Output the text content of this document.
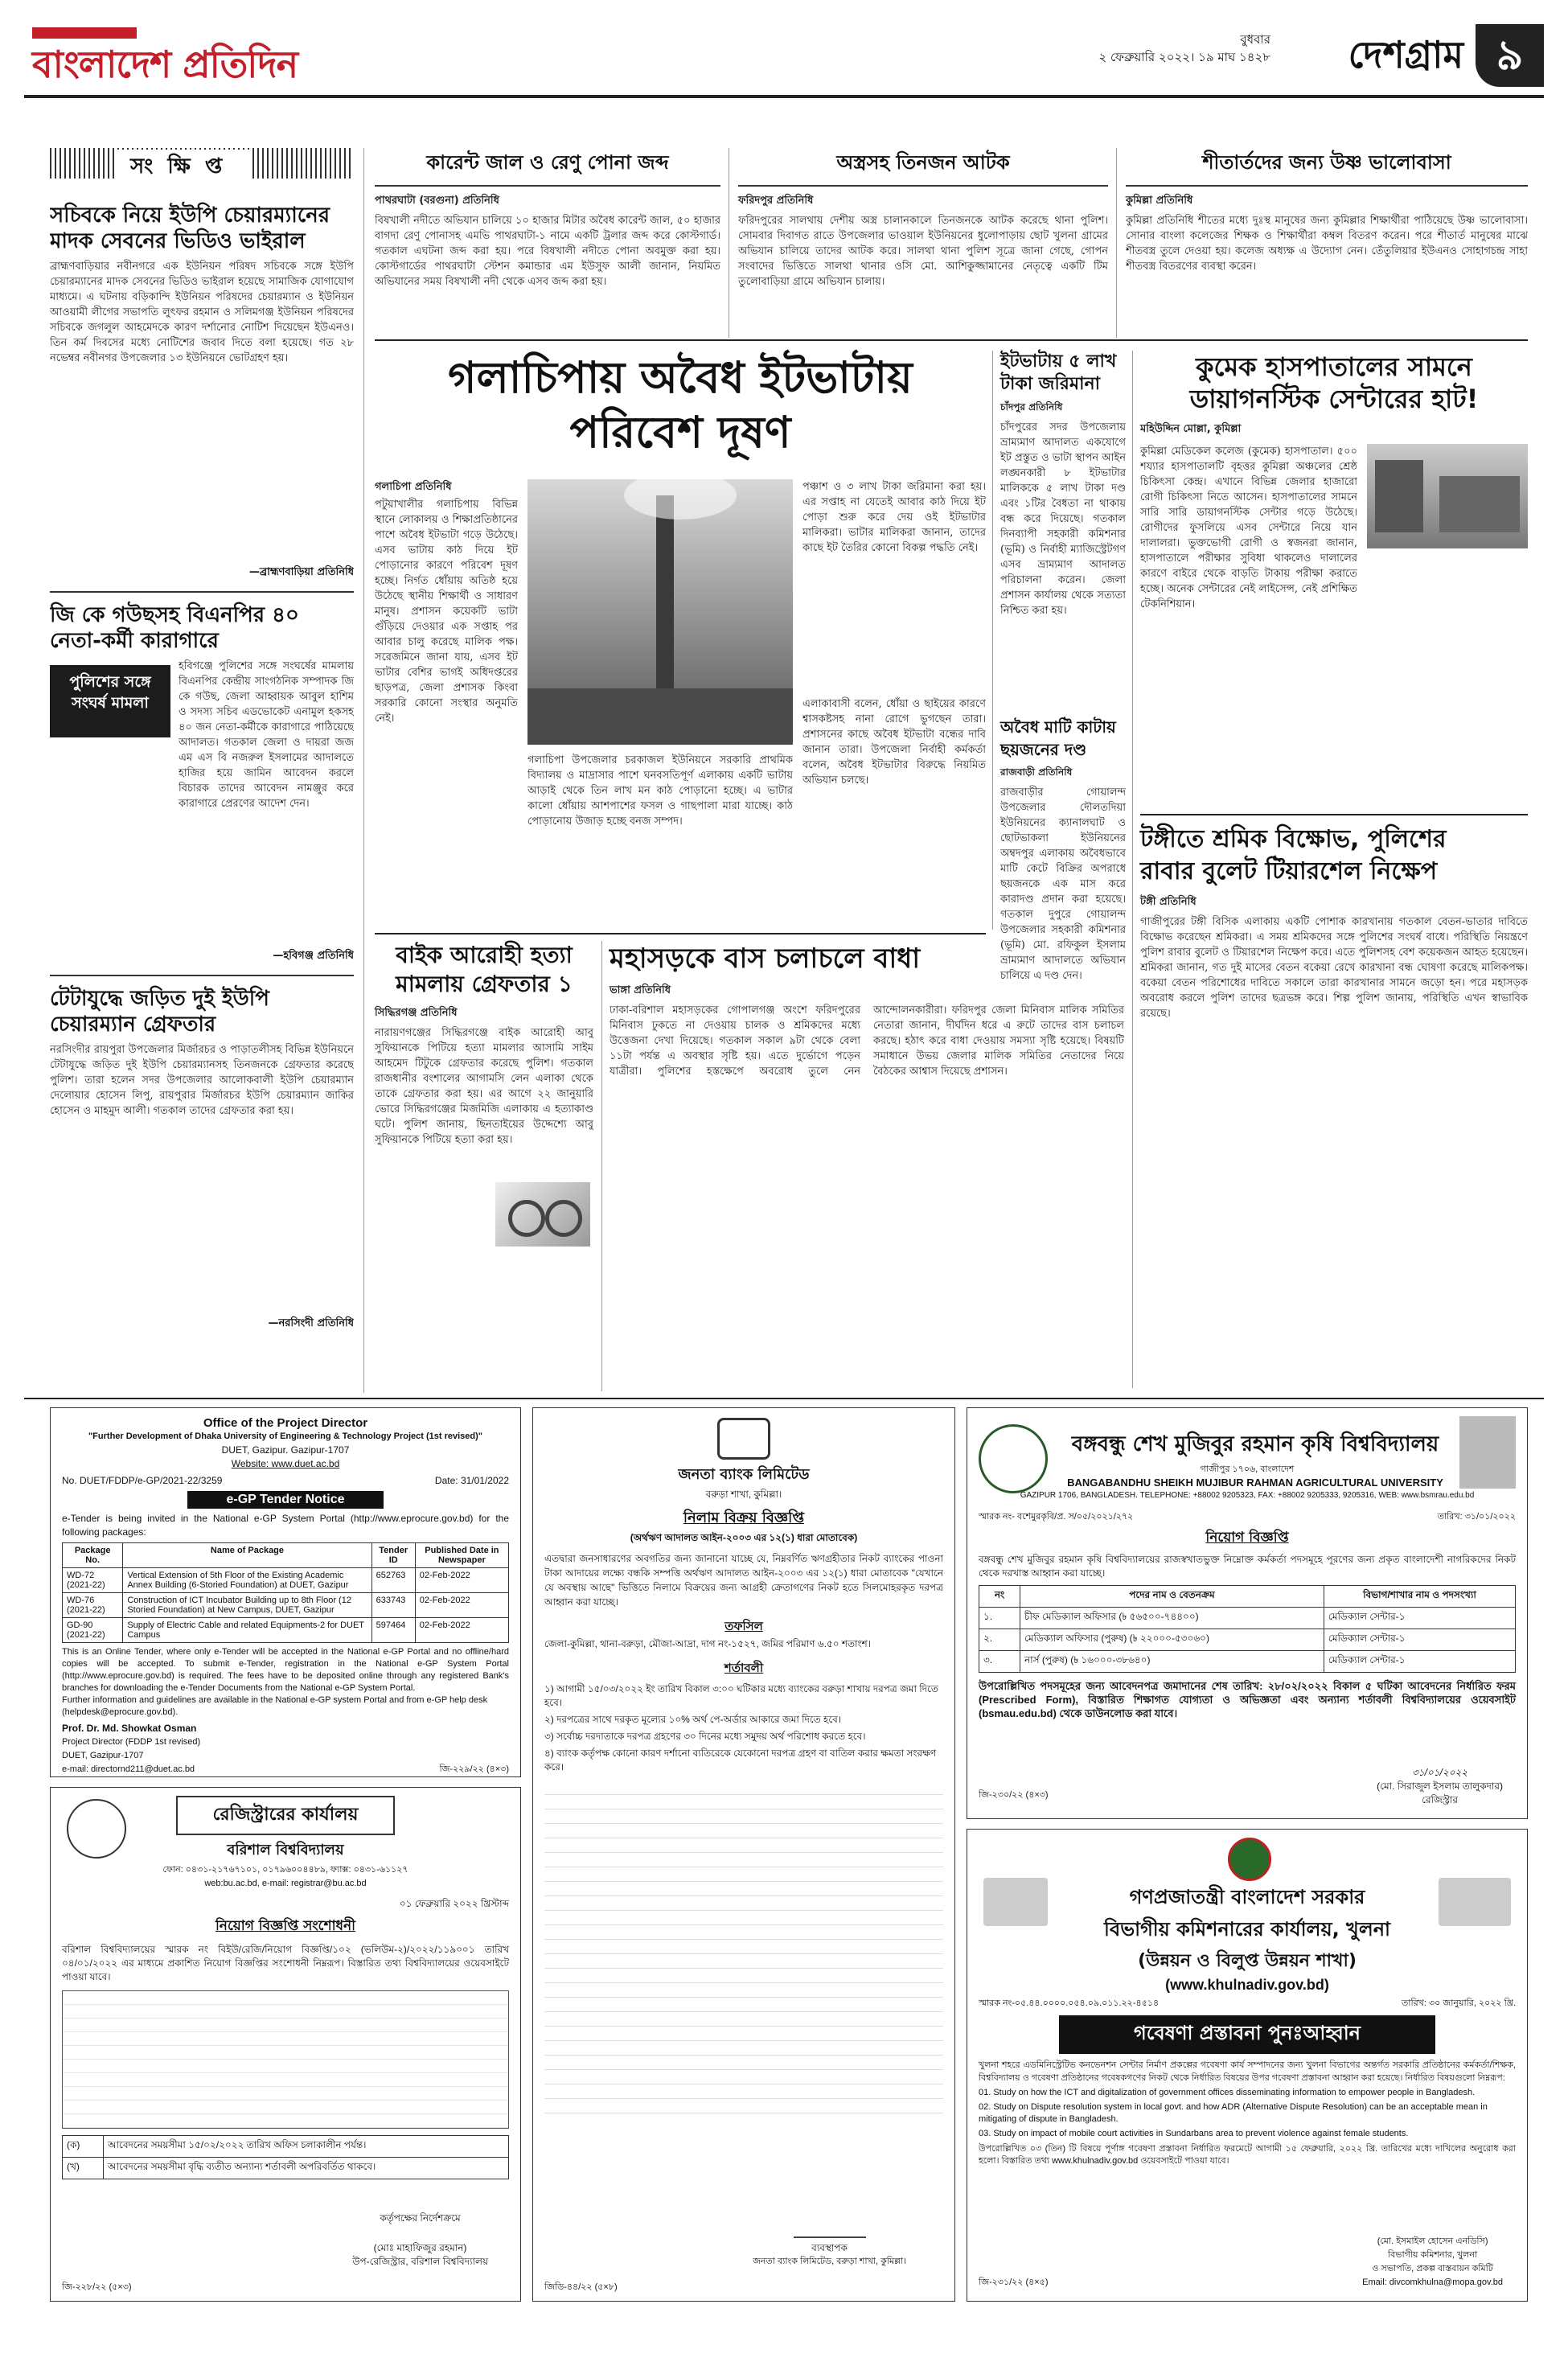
বাংলাদেশ প্রতিদিন
বুধবার
২ ফেব্রুয়ারি ২০২২। ১৯ মাঘ ১৪২৮	দেশগ্রাম ৯
সংক্ষিপ্ত
সচিবকে নিয়ে ইউপি চেয়ারম্যানের মাদক সেবনের ভিডিও ভাইরাল
ব্রাহ্মণবাড়িয়ার নবীনগরে এক ইউনিয়ন পরিষদ সচিবকে সঙ্গে ইউপি চেয়ারম্যানের মাদক সেবনের ভিডিও ভাইরাল হয়েছে সামাজিক যোগাযোগ মাধ্যমে। এ ঘটনায় বড়িকান্দি ইউনিয়ন পরিষদের চেয়ারম্যান ও ইউনিয়ন আওয়ামী লীগের সভাপতি লুৎফর রহমান ও সলিমগঞ্জ ইউনিয়ন পরিষদের সচিবকে জগলুল আহমেদকে কারণ দর্শানোর নোটিশ দিয়েছেন ইউএনও। তিন কর্ম দিবসের মধ্যে নোটিশের জবাব দিতে বলা হয়েছে। গত ২৮ নভেম্বর নবীনগর উপজেলার ১৩ ইউনিয়নে ভোটগ্রহণ হয়।
—ব্রাহ্মণবাড়িয়া প্রতিনিধি
জি কে গউছসহ বিএনপির ৪০ নেতা-কর্মী কারাগারে
পুলিশের সঙ্গে সংঘর্ষ মামলা
হবিগঞ্জে পুলিশের সঙ্গে সংঘর্ষের মামলায় বিএনপির কেন্দ্রীয় সাংগঠনিক সম্পাদক জি কে গউছ, জেলা আহ্বায়ক আবুল হাশিম ও সদস্য সচিব এডভোকেট এনামুল হকসহ ৪০ জন নেতা-কর্মীকে কারাগারে পাঠিয়েছে আদালত। গতকাল জেলা ও দায়রা জজ এম এস বি নজরুল ইসলামের আদালতে হাজির হয়ে জামিন আবেদন করলে বিচারক তাদের আবেদন নামঞ্জুর করে কারাগারে প্রেরণের আদেশ দেন।
—হবিগঞ্জ প্রতিনিধি
টেটাযুদ্ধে জড়িত দুই ইউপি চেয়ারম্যান গ্রেফতার
নরসিংদীর রায়পুরা উপজেলার মির্জারচর ও পাড়াতলীসহ বিভিন্ন ইউনিয়নে টেটাযুদ্ধে জড়িত দুই ইউপি চেয়ারম্যানসহ তিনজনকে গ্রেফতার করেছে পুলিশ। তারা হলেন সদর উপজেলার আলোকবালী ইউপি চেয়ারম্যান দেলোয়ার হোসেন লিপু, রায়পুরার মির্জারচর ইউপি চেয়ারম্যান জাকির হোসেন ও মাহমুদ আলী। গতকাল তাদের গ্রেফতার করা হয়।
—নরসিংদী প্রতিনিধি
কারেন্ট জাল ও রেণু পোনা জব্দ
পাথরঘাটা (বরগুনা) প্রতিনিধি
বিষখালী নদীতে অভিযান চালিয়ে ১০ হাজার মিটার অবৈধ কারেন্ট জাল, ৫০ হাজার বাগদা রেণু পোনাসহ এমভি পাথরঘাটা-১ নামে একটি ট্রলার জব্দ করে কোস্টগার্ড। গতকাল এঘটনা জব্দ করা হয়। পরে বিষখালী নদীতে পোনা অবমুক্ত করা হয়। কোস্টগার্ডের পাথরঘাটা স্টেশন কমান্ডার এম ইউসুফ আলী জানান, নিয়মিত অভিযানের সময় বিষখালী নদী থেকে এসব জব্দ করা হয়।
অস্ত্রসহ তিনজন আটক
ফরিদপুর প্রতিনিধি
ফরিদপুরের সালথায় দেশীয় অস্ত্র চালানকালে তিনজনকে আটক করেছে থানা পুলিশ। সোমবার দিবাগত রাতে উপজেলার ভাওয়াল ইউনিয়নের ধুলোপাড়ায় ছোট খুলনা গ্রামের অভিযান চালিয়ে তাদের আটক করে। সালথা থানা পুলিশ সূত্রে জানা গেছে, গোপন সংবাদের ভিত্তিতে সালথা থানার ওসি মো. আশিকুজ্জামানের নেতৃত্বে একটি টিম তুলোবাড়িয়া গ্রামে অভিযান চালায়।
শীতার্তদের জন্য উষ্ণ ভালোবাসা
কুমিল্লা প্রতিনিধি
কুমিল্লা প্রতিনিধি শীতের মধ্যে দুঃস্থ মানুষের জন্য কুমিল্লার শিক্ষার্থীরা পাঠিয়েছে উষ্ণ ভালোবাসা। সোনার বাংলা কলেজের শিক্ষক ও শিক্ষার্থীরা কম্বল বিতরণ করেন। পরে শীতার্ত মানুষের মাঝে শীতবস্ত্র তুলে দেওয়া হয়। কলেজ অধ্যক্ষ এ উদ্যোগ নেন। তেঁতুলিয়ার ইউএনও সোহাগচন্দ্র সাহা শীতবস্ত্র বিতরণের ব্যবস্থা করেন।
গলাচিপায় অবৈধ ইটভাটায়
পরিবেশ দূষণ
গলাচিপা প্রতিনিধি
পটুয়াখালীর গলাচিপায় বিভিন্ন স্থানে লোকালয় ও শিক্ষাপ্রতিষ্ঠানের পাশে অবৈধ ইটভাটা গড়ে উঠেছে। এসব ভাটায় কাঠ দিয়ে ইট পোড়ানোর কারণে পরিবেশ দূষণ হচ্ছে। নির্গত ধোঁয়ায় অতিষ্ঠ হয়ে উঠেছে স্থানীয় শিক্ষার্থী ও সাধারণ মানুষ। প্রশাসন কয়েকটি ভাটা গুঁড়িয়ে দেওয়ার এক সপ্তাহ পর আবার চালু করেছে মালিক পক্ষ। সরেজমিনে জানা যায়, এসব ইট ভাটার বেশির ভাগই অধিদপ্তরের ছাড়পত্র, জেলা প্রশাসক কিংবা সরকারি কোনো সংস্থার অনুমতি নেই।
গলাচিপা উপজেলার চরকাজল ইউনিয়নে সরকারি প্রাথমিক বিদ্যালয় ও মাদ্রাসার পাশে ঘনবসতিপূর্ণ এলাকায় একটি ভাটায় আড়াই থেকে তিন লাখ মন কাঠ পোড়ানো হচ্ছে। এ ভাটার কালো ধোঁয়ায় আশপাশের ফসল ও গাছপালা মারা যাচ্ছে। কাঠ পোড়ানোয় উজাড় হচ্ছে বনজ সম্পদ।
পঞ্চাশ ও ৩ লাখ টাকা জরিমানা করা হয়। এর সপ্তাহ না যেতেই আবার কাঠ দিয়ে ইট পোড়া শুরু করে দেয় ওই ইটভাটার মালিকরা। ভাটার মালিকরা জানান, তাদের কাছে ইট তৈরির কোনো বিকল্প পদ্ধতি নেই।
এলাকাবাসী বলেন, ধোঁয়া ও ছাইয়ের কারণে শ্বাসকষ্টসহ নানা রোগে ভুগছেন তারা। প্রশাসনের কাছে অবৈধ ইটভাটা বন্ধের দাবি জানান তারা। উপজেলা নির্বাহী কর্মকর্তা বলেন, অবৈধ ইটভাটার বিরুদ্ধে নিয়মিত অভিযান চলছে।
ইটভাটায় ৫ লাখ টাকা জরিমানা
চাঁদপুর প্রতিনিধি
চাঁদপুরের সদর উপজেলায় ভ্রাম্যমাণ আদালত একযোগে ইট প্রস্তুত ও ভাটা স্থাপন আইন লঙ্ঘনকারী ৮ ইটভাটার মালিককে ৫ লাখ টাকা দণ্ড এবং ১টির বৈধতা না থাকায় বন্ধ করে দিয়েছে। গতকাল দিনব্যাপী সহকারী কমিশনার (ভূমি) ও নির্বাহী ম্যাজিস্ট্রেটগণ এসব ভ্রাম্যমাণ আদালত পরিচালনা করেন। জেলা প্রশাসন কার্যালয় থেকে সত্যতা নিশ্চিত করা হয়।
অবৈধ মাটি কাটায় ছয়জনের দণ্ড
রাজবাড়ী প্রতিনিধি
রাজবাড়ীর গোয়ালন্দ উপজেলার দৌলতদিয়া ইউনিয়নের ক্যানালঘাট ও ছোটভাকলা ইউনিয়নের অম্বদপুর এলাকায় অবৈধভাবে মাটি কেটে বিক্রির অপরাধে ছয়জনকে এক মাস করে কারাদণ্ড প্রদান করা হয়েছে। গতকাল দুপুরে গোয়ালন্দ উপজেলার সহকারী কমিশনার (ভূমি) মো. রফিকুল ইসলাম ভ্রাম্যমাণ আদালতে অভিযান চালিয়ে এ দণ্ড দেন।
কুমেক হাসপাতালের সামনে
ডায়াগনস্টিক সেন্টারের হাট!
মহিউদ্দিন মোল্লা, কুমিল্লা
কুমিল্লা মেডিকেল কলেজ (কুমেক) হাসপাতাল। ৫০০ শয্যার হাসপাতালটি বৃহত্তর কুমিল্লা অঞ্চলের শ্রেষ্ঠ চিকিৎসা কেন্দ্র। এখানে বিভিন্ন জেলার হাজারো রোগী চিকিৎসা নিতে আসেন। হাসপাতালের সামনে সারি সারি ডায়াগনস্টিক সেন্টার গড়ে উঠেছে। রোগীদের ফুসলিয়ে এসব সেন্টারে নিয়ে যান দালালরা। ভুক্তভোগী রোগী ও স্বজনরা জানান, হাসপাতালে পরীক্ষার সুবিধা থাকলেও দালালের কারণে বাইরে থেকে বাড়তি টাকায় পরীক্ষা করাতে হচ্ছে। অনেক সেন্টারের নেই লাইসেন্স, নেই প্রশিক্ষিত টেকনিশিয়ান।
টঙ্গীতে শ্রমিক বিক্ষোভ, পুলিশের
রাবার বুলেট টিয়ারশেল নিক্ষেপ
টঙ্গী প্রতিনিধি
গাজীপুরের টঙ্গী বিসিক এলাকায় একটি পোশাক কারখানায় গতকাল বেতন-ভাতার দাবিতে বিক্ষোভ করেছেন শ্রমিকরা। এ সময় শ্রমিকদের সঙ্গে পুলিশের সংঘর্ষ বাধে। পরিস্থিতি নিয়ন্ত্রণে পুলিশ রাবার বুলেট ও টিয়ারশেল নিক্ষেপ করে। এতে পুলিশসহ বেশ কয়েকজন আহত হয়েছেন। শ্রমিকরা জানান, গত দুই মাসের বেতন বকেয়া রেখে কারখানা বন্ধ ঘোষণা করেছে মালিকপক্ষ। বকেয়া বেতন পরিশোধের দাবিতে সকালে তারা কারখানার সামনে জড়ো হন। পরে মহাসড়ক অবরোধ করলে পুলিশ তাদের ছত্রভঙ্গ করে। শিল্প পুলিশ জানায়, পরিস্থিতি এখন স্বাভাবিক রয়েছে।
বাইক আরোহী হত্যা
মামলায় গ্রেফতার ১
সিদ্ধিরগঞ্জ প্রতিনিধি
নারায়ণগঞ্জের সিদ্ধিরগঞ্জে বাইক আরোহী আবু সুফিয়ানকে পিটিয়ে হত্যা মামলার আসামি সাইম আহমেদ টিটুকে গ্রেফতার করেছে পুলিশ। গতকাল রাজধানীর বংশালের আগামসি লেন এলাকা থেকে তাকে গ্রেফতার করা হয়। এর আগে ২২ জানুয়ারি ভোরে সিদ্ধিরগঞ্জের মিজমিজি এলাকায় এ হত্যাকাণ্ড ঘটে। পুলিশ জানায়, ছিনতাইয়ের উদ্দেশ্যে আবু সুফিয়ানকে পিটিয়ে হত্যা করা হয়।
মহাসড়কে বাস চলাচলে বাধা
ভাঙ্গা প্রতিনিধি
ঢাকা-বরিশাল মহাসড়কের গোপালগঞ্জ অংশে ফরিদপুরের মিনিবাস ঢুকতে না দেওয়ায় চালক ও শ্রমিকদের মধ্যে উত্তেজনা দেখা দিয়েছে। গতকাল সকাল ৯টা থেকে বেলা ১১টা পর্যন্ত এ অবস্থার সৃষ্টি হয়। এতে দুর্ভোগে পড়েন যাত্রীরা। পুলিশের হস্তক্ষেপে অবরোধ তুলে নেন আন্দোলনকারীরা। ফরিদপুর জেলা মিনিবাস মালিক সমিতির নেতারা জানান, দীর্ঘদিন ধরে এ রুটে তাদের বাস চলাচল করছে। হঠাৎ করে বাধা দেওয়ায় সমস্যা সৃষ্টি হয়েছে। বিষয়টি সমাধানে উভয় জেলার মালিক সমিতির নেতাদের নিয়ে বৈঠকের আশ্বাস দিয়েছে প্রশাসন।
Office of the Project Director
"Further Development of Dhaka University of Engineering & Technology Project (1st revised)"
DUET, Gazipur. Gazipur-1707
Website: www.duet.ac.bd
No. DUET/FDDP/e-GP/2021-22/3259	Date: 31/01/2022
e-GP Tender Notice
e-Tender is being invited in the National e-GP System Portal (http://www.eprocure.gov.bd) for the following packages:
Package No.	Name of Package	Tender ID	Published Date in Newspaper
WD-72 (2021-22)	Vertical Extension of 5th Floor of the Existing Academic Annex Building (6-Storied Foundation) at DUET, Gazipur	652763	02-Feb-2022
WD-76 (2021-22)	Construction of ICT Incubator Building up to 8th Floor (12 Storied Foundation) at New Campus, DUET, Gazipur	633743	02-Feb-2022
GD-90 (2021-22)	Supply of Electric Cable and related Equipments-2 for DUET Campus	597464	02-Feb-2022
This is an Online Tender, where only e-Tender will be accepted in the National e-GP Portal and no offline/hard copies will be accepted. To submit e-Tender, registration in the National e-GP System Portal (http://www.eprocure.gov.bd) is required. The fees have to be deposited online through any registered Bank's branches for downloading the e-Tender Documents from the National e-GP System Portal.
Further information and guidelines are available in the National e-GP system Portal and from e-GP help desk (helpdesk@eprocure.gov.bd).
Prof. Dr. Md. Showkat Osman
Project Director (FDDP 1st revised)
DUET, Gazipur-1707
e-mail: directornd211@duet.ac.bd	জি-২২৯/২২ (৪×৩)
রেজিস্ট্রারের কার্যালয়
বরিশাল বিশ্ববিদ্যালয়
ফোন: ০৪৩১-২১৭৬৭১০১, ০১৭৯৬০০৪৪৮৯, ফ্যাক্স: ০৪৩১-৬১১২৭
web:bu.ac.bd, e-mail: registrar@bu.ac.bd
০১ ফেব্রুয়ারি ২০২২ খ্রিস্টাব্দ
নিয়োগ বিজ্ঞপ্তি সংশোধনী
বরিশাল বিশ্ববিদ্যালয়ের স্মারক নং বিইউ/রেজি/নিয়োগ বিজ্ঞপ্তি/১০২ (ভলিউম-২)/২০২২/১১৯০০১ তারিখ ০৪/০১/২০২২ এর মাধ্যমে প্রকাশিত নিয়োগ বিজ্ঞপ্তির সংশোধনী নিম্নরূপ। বিস্তারিত তথ্য বিশ্ববিদ্যালয়ের ওয়েবসাইটে পাওয়া যাবে।
(ক)	আবেদনের সময়সীমা ১৫/০২/২০২২ তারিখ অফিস চলাকালীন পর্যন্ত।
(খ)	আবেদনের সময়সীমা বৃদ্ধি ব্যতীত অন্যান্য শর্তাবলী অপরিবর্তিত থাকবে।
কর্তৃপক্ষের নির্দেশক্রমে
(মোঃ মাহাফিজুর রহমান)
উপ-রেজিস্ট্রার, বরিশাল বিশ্ববিদ্যালয়
জি-২২৮/২২ (৫×৩)
জনতা ব্যাংক লিমিটেড
বরুড়া শাখা, কুমিল্লা।
নিলাম বিক্রয় বিজ্ঞপ্তি
(অর্থঋণ আদালত আইন-২০০৩ এর ১২(১) ধারা মোতাবেক)
এতদ্বারা জনসাধারণের অবগতির জন্য জানানো যাচ্ছে যে, নিম্নবর্ণিত ঋণগ্রহীতার নিকট ব্যাংকের পাওনা টাকা আদায়ের লক্ষ্যে বন্ধকি সম্পত্তি অর্থঋণ আদালত আইন-২০০৩ এর ১২(১) ধারা মোতাবেক "যেখানে যে অবস্থায় আছে" ভিত্তিতে নিলামে বিক্রয়ের জন্য আগ্রহী ক্রেতাগণের নিকট হতে সিলমোহরকৃত দরপত্র আহ্বান করা যাচ্ছে।
তফসিল
জেলা-কুমিল্লা, থানা-বরুড়া, মৌজা-আদ্রা, দাগ নং-১৫২৭, জমির পরিমাণ ৬.৫০ শতাংশ।
শর্তাবলী
১) আগামী ১৫/০৩/২০২২ ইং তারিখ বিকাল ৩:০০ ঘটিকার মধ্যে ব্যাংকের বরুড়া শাখায় দরপত্র জমা দিতে হবে।
২) দরপত্রের সাথে দরকৃত মূল্যের ১০% অর্থ পে-অর্ডার আকারে জমা দিতে হবে।
৩) সর্বোচ্চ দরদাতাকে দরপত্র গ্রহণের ৩০ দিনের মধ্যে সমুদয় অর্থ পরিশোধ করতে হবে।
৪) ব্যাংক কর্তৃপক্ষ কোনো কারণ দর্শানো ব্যতিরেকে যেকোনো দরপত্র গ্রহণ বা বাতিল করার ক্ষমতা সংরক্ষণ করে।
ব্যবস্থাপক
জনতা ব্যাংক লিমিটেড, বরুড়া শাখা, কুমিল্লা।
জিডি-৪৪/২২ (৫×৮)
বঙ্গবন্ধু শেখ মুজিবুর রহমান কৃষি বিশ্ববিদ্যালয়
গাজীপুর ১৭০৬, বাংলাদেশ
BANGABANDHU SHEIKH MUJIBUR RAHMAN AGRICULTURAL UNIVERSITY
GAZIPUR 1706, BANGLADESH. TELEPHONE: +88002 9205323, FAX: +88002 9205333, 9205316, WEB: www.bsmrau.edu.bd
স্মারক নং- বশেমুরকৃবি/প্র. স/০৫/২০২১/২৭২	তারিখ: ৩১/০১/২০২২
নিয়োগ বিজ্ঞপ্তি
বঙ্গবন্ধু শেখ মুজিবুর রহমান কৃষি বিশ্ববিদ্যালয়ের রাজস্বখাতভুক্ত নিম্নোক্ত কর্মকর্তা পদসমূহে পূরণের জন্য প্রকৃত বাংলাদেশী নাগরিকদের নিকট থেকে দরখাস্ত আহ্বান করা যাচ্ছে।
নং	পদের নাম ও বেতনক্রম	বিভাগ/শাখার নাম ও পদসংখ্যা
১.	চীফ মেডিক্যাল অফিসার (৳ ৫৬৫০০-৭৪৪০০)	মেডিক্যাল সেন্টার-১
২.	মেডিক্যাল অফিসার (পুরুষ) (৳ ২২০০০-৫৩০৬০)	মেডিক্যাল সেন্টার-১
৩.	নার্স (পুরুষ) (৳ ১৬০০০-৩৮৬৪০)	মেডিক্যাল সেন্টার-১
উপরোল্লিখিত পদসমূহের জন্য আবেদনপত্র জমাদানের শেষ তারিখ: ২৮/০২/২০২২ বিকাল ৫ ঘটিকা আবেদনের নির্ধারিত ফরম (Prescribed Form), বিস্তারিত শিক্ষাগত যোগ্যতা ও অভিজ্ঞতা এবং অন্যান্য শর্তাবলী বিশ্ববিদ্যালয়ের ওয়েবসাইট (bsmau.edu.bd) থেকে ডাউনলোড করা যাবে।
৩১/০১/২০২২
(মো. সিরাজুল ইসলাম তালুকদার)
রেজিস্ট্রার
জি-২৩০/২২ (৪×৩)
গণপ্রজাতন্ত্রী বাংলাদেশ সরকার
বিভাগীয় কমিশনারের কার্যালয়, খুলনা
(উন্নয়ন ও বিলুপ্ত উন্নয়ন শাখা)
(www.khulnadiv.gov.bd)
স্মারক নং-০৫.৪৪.০০০০.০৫৪.০৯.০১১.২২-৪৫১৪	তারিখ: ৩০ জানুয়ারি, ২০২২ খ্রি.
গবেষণা প্রস্তাবনা পুনঃআহ্বান
খুলনা শহরে এডমিনিস্ট্রেটিভ কনভেনশন সেন্টার নির্মাণ প্রকল্পের গবেষণা কার্য সম্পাদনের জন্য খুলনা বিভাগের অন্তর্গত সরকারি প্রতিষ্ঠানের কর্মকর্তা/শিক্ষক, বিশ্ববিদ্যালয় ও গবেষণা প্রতিষ্ঠানের গবেষকগণের নিকট থেকে নির্ধারিত বিষয়ের উপর গবেষণা প্রস্তাবনা আহ্বান করা হয়েছে। নির্ধারিত বিষয়গুলো নিম্নরূপ:
01. Study on how the ICT and digitalization of government offices disseminating information to empower people in Bangladesh.
02. Study on Dispute resolution system in local govt. and how ADR (Alternative Dispute Resolution) can be an acceptable mean in mitigating of dispute in Bangladesh.
03. Study on impact of mobile court activities in Sundarbans area to prevent violence against female students.
উপরোল্লিখিত ০৩ (তিন) টি বিষয়ে পূর্ণাঙ্গ গবেষণা প্রস্তাবনা নির্ধারিত ফরমেটে আগামী ১৫ ফেব্রুয়ারি, ২০২২ খ্রি. তারিখের মধ্যে দাখিলের অনুরোধ করা হলো। বিস্তারিত তথ্য www.khulnadiv.gov.bd ওয়েবসাইটে পাওয়া যাবে।
(মো. ইসমাইল হোসেন এনডিসি)
বিভাগীয় কমিশনার, খুলনা
ও সভাপতি, প্রকল্প বাস্তবায়ন কমিটি
Email: divcomkhulna@mopa.gov.bd
জি-২৩১/২২ (৪×৫)
